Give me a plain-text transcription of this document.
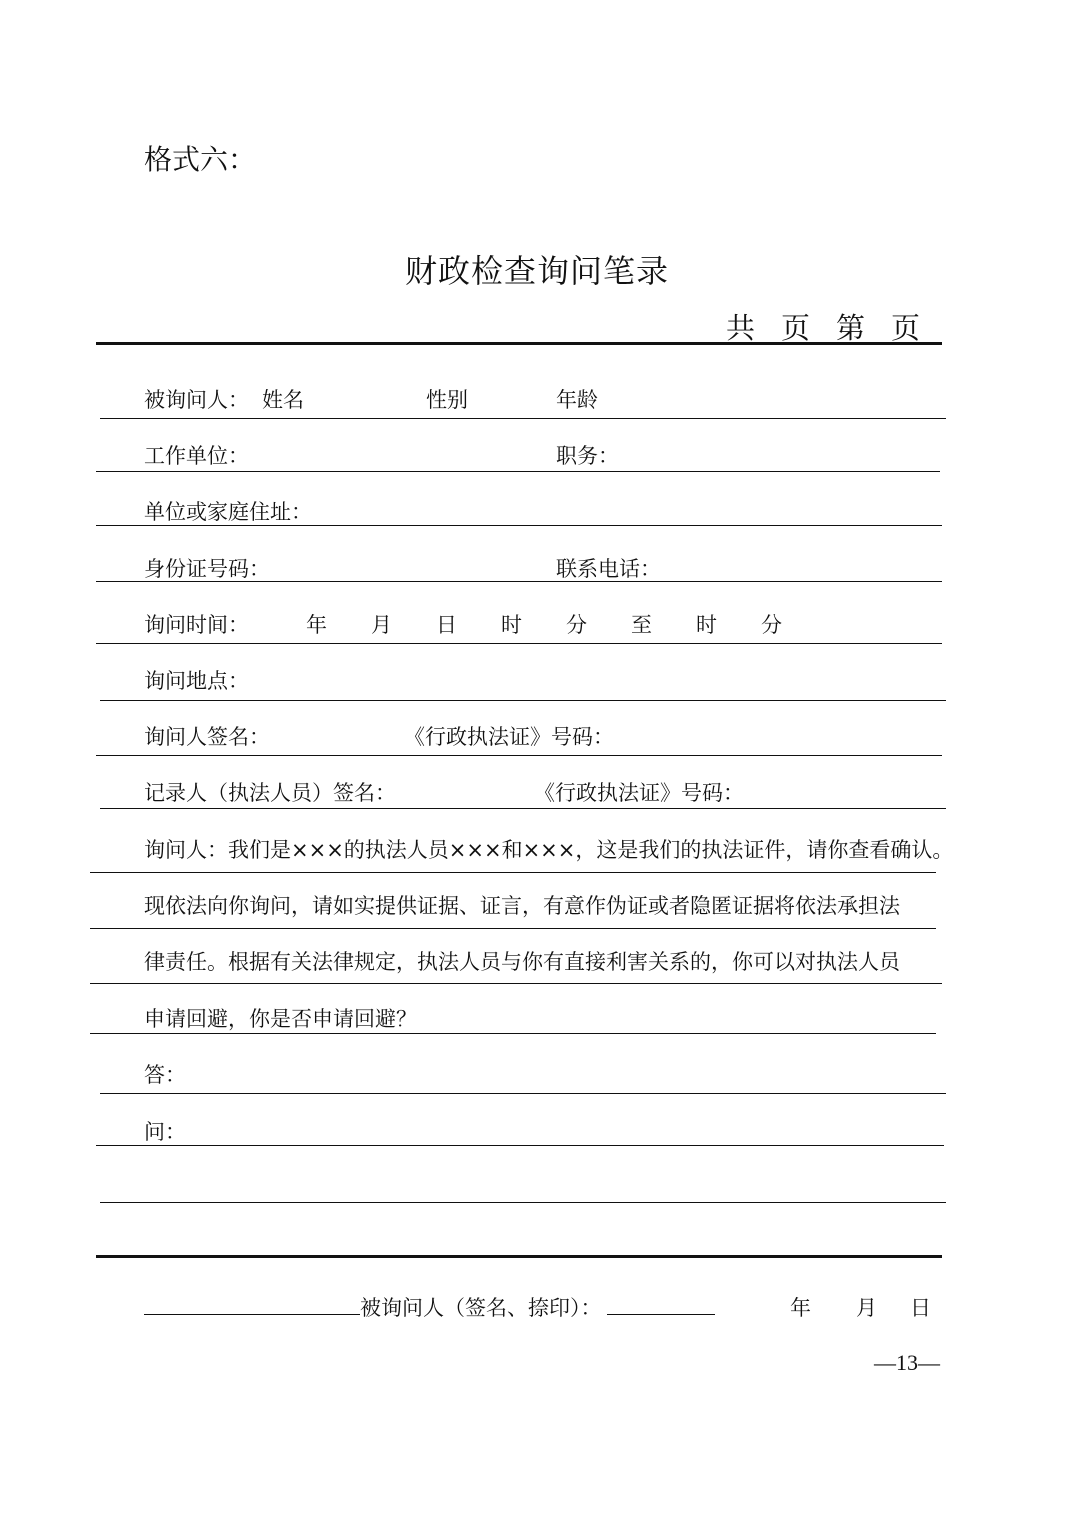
格式六：
财政检查询问笔录
共 页 第 页
被询问人： 姓名	性别	年龄
工作单位：	职务：
单位或家庭住址：
身份证号码：	联系电话：
询问时间：	年 月 日 时 分 至 时 分
询问地点：
询问人签名：	《行政执法证》号码：
记录人（执法人员）签名：	《行政执法证》号码：
询问人：我们是×××的执法人员×××和×××，这是我们的执法证件，请你查看确认。
现依法向你询问，请如实提供证据、证言，有意作伪证或者隐匿证据将依法承担法
律责任。根据有关法律规定，执法人员与你有直接利害关系的，你可以对执法人员
申请回避，你是否申请回避？
答：
问：
被询问人（签名、捺印）：	年 月 日
—13—
